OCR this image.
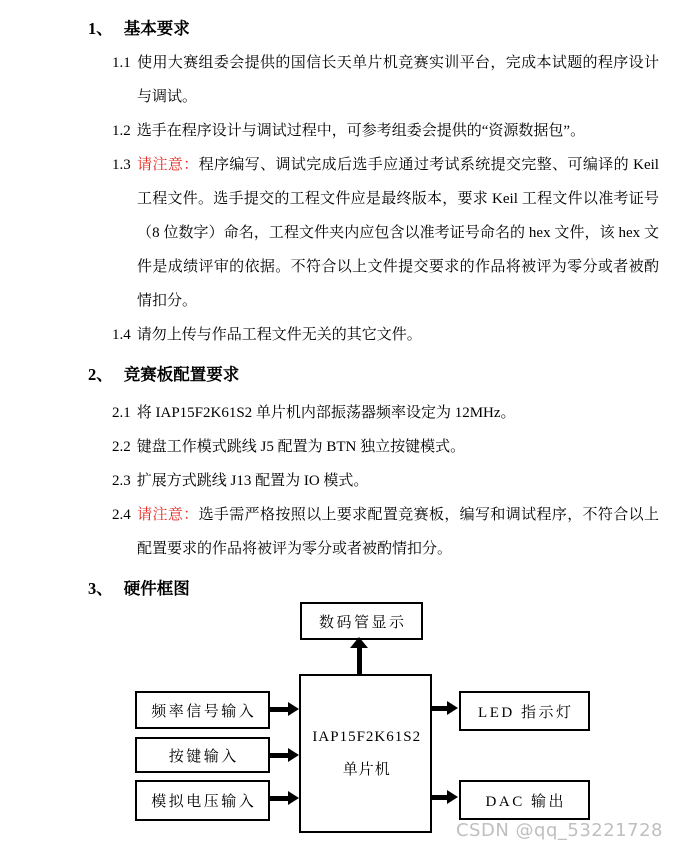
1、 基本要求

1.1 使用大赛组委会提供的国信长天单片机竞赛实训平台，完成本试题的程序设计与调试。

1.2 选手在程序设计与调试过程中，可参考组委会提供的“资源数据包”。

1.3 请注意：程序编写、调试完成后选手应通过考试系统提交完整、可编译的 Keil 工程文件。选手提交的工程文件应是最终版本，要求 Keil 工程文件以准考证号（8 位数字）命名，工程文件夹内应包含以准考证号命名的 hex 文件，该 hex 文件是成绩评审的依据。不符合以上文件提交要求的作品将被评为零分或者被酌情扣分。

1.4 请勿上传与作品工程文件无关的其它文件。

2、 竞赛板配置要求

2.1 将 IAP15F2K61S2 单片机内部振荡器频率设定为 12MHz。

2.2 键盘工作模式跳线 J5 配置为 BTN 独立按键模式。

2.3 扩展方式跳线 J13 配置为 IO 模式。

2.4 请注意：选手需严格按照以上要求配置竞赛板，编写和调试程序，不符合以上配置要求的作品将被评为零分或者被酌情扣分。

3、 硬件框图
数码管显示
IAP15F2K61S2
单片机
频率信号输入
按键输入
模拟电压输入
LED 指示灯
DAC 输出
CSDN @qq_53221728
